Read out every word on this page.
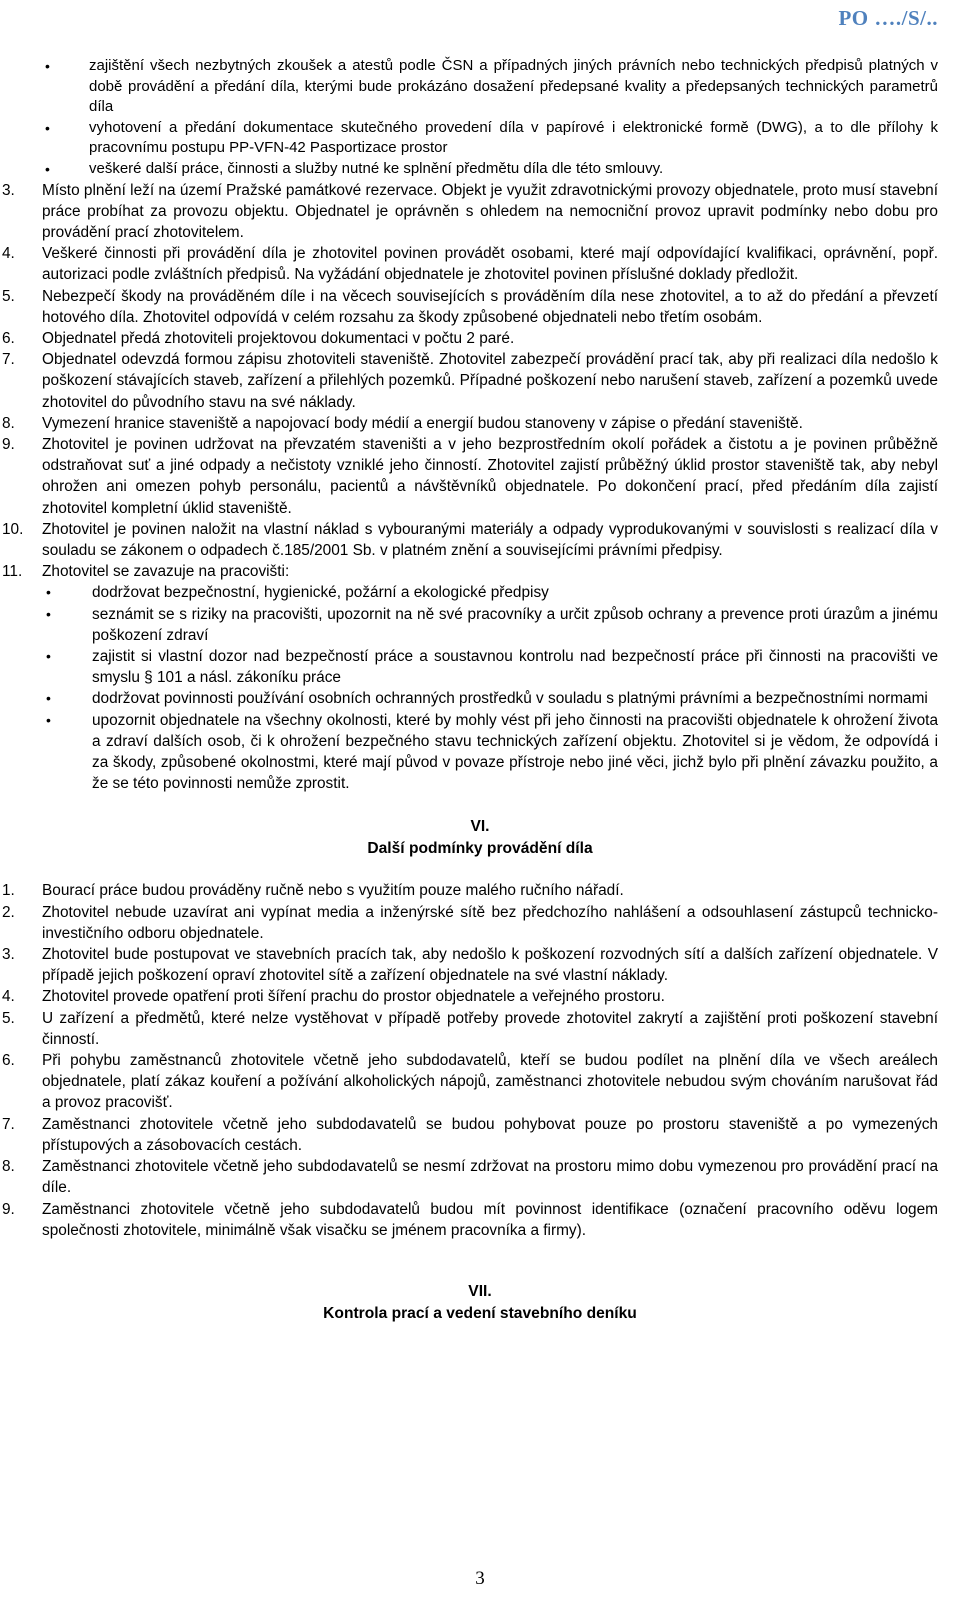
PO …./S/..
• zajištění všech nezbytných zkoušek a atestů podle ČSN a případných jiných právních nebo technických předpisů platných v době provádění a předání díla, kterými bude prokázáno dosažení předepsané kvality a předepsaných technických parametrů díla
• vyhotovení a předání dokumentace skutečného provedení díla v papírové i elektronické formě (DWG), a to dle přílohy k pracovnímu postupu PP-VFN-42 Pasportizace prostor
• veškeré další práce, činnosti a služby nutné ke splnění předmětu díla dle této smlouvy.
3. Místo plnění leží na území Pražské památkové rezervace. Objekt je využit zdravotnickými provozy objednatele, proto musí stavební práce probíhat za provozu objektu. Objednatel je oprávněn s ohledem na nemocniční provoz upravit podmínky nebo dobu pro provádění prací zhotovitelem.
4. Veškeré činnosti při provádění díla je zhotovitel povinen provádět osobami, které mají odpovídající kvalifikaci, oprávnění, popř. autorizaci podle zvláštních předpisů. Na vyžádání objednatele je zhotovitel povinen příslušné doklady předložit.
5. Nebezpečí škody na prováděném díle i na věcech souvisejících s prováděním díla nese zhotovitel, a to až do předání a převzetí hotového díla. Zhotovitel odpovídá v celém rozsahu za škody způsobené objednateli nebo třetím osobám.
6. Objednatel předá zhotoviteli projektovou dokumentaci v počtu 2 paré.
7. Objednatel odevzdá formou zápisu zhotoviteli staveniště. Zhotovitel zabezpečí provádění prací tak, aby při realizaci díla nedošlo k poškození stávajících staveb, zařízení a přilehlých pozemků. Případné poškození nebo narušení staveb, zařízení a pozemků uvede zhotovitel do původního stavu na své náklady.
8. Vymezení hranice staveniště a napojovací body médií a energií budou stanoveny v zápise o předání staveniště.
9. Zhotovitel je povinen udržovat na převzatém staveništi a v jeho bezprostředním okolí pořádek a čistotu a je povinen průběžně odstraňovat suť a jiné odpady a nečistoty vzniklé jeho činností. Zhotovitel zajistí průběžný úklid prostor staveniště tak, aby nebyl ohrožen ani omezen pohyb personálu, pacientů a návštěvníků objednatele. Po dokončení prací, před předáním díla zajistí zhotovitel kompletní úklid staveniště.
10. Zhotovitel je povinen naložit na vlastní náklad s vybouranými materiály a odpady vyprodukovanými v souvislosti s realizací díla v souladu se zákonem o odpadech č.185/2001 Sb. v platném znění a souvisejícími právními předpisy.
11. Zhotovitel se zavazuje na pracovišti:
• dodržovat bezpečnostní, hygienické, požární a ekologické předpisy
• seznámit se s riziky na pracovišti, upozornit na ně své pracovníky a určit způsob ochrany a prevence proti úrazům a jinému poškození zdraví
• zajistit si vlastní dozor nad bezpečností práce a soustavnou kontrolu nad bezpečností práce při činnosti na pracovišti ve smyslu § 101 a násl. zákoníku práce
• dodržovat povinnosti používání osobních ochranných prostředků v souladu s platnými právními a bezpečnostními normami
• upozornit objednatele na všechny okolnosti, které by mohly vést při jeho činnosti na pracovišti objednatele k ohrožení života a zdraví dalších osob, či k ohrožení bezpečného stavu technických zařízení objektu. Zhotovitel si je vědom, že odpovídá i za škody, způsobené okolnostmi, které mají původ v povaze přístroje nebo jiné věci, jichž bylo při plnění závazku použito, a že se této povinnosti nemůže zprostit.
VI.
Další podmínky provádění díla
1. Bourací práce budou prováděny ručně nebo s využitím pouze malého ručního nářadí.
2. Zhotovitel nebude uzavírat ani vypínat media a inženýrské sítě bez předchozího nahlášení a odsouhlasení zástupců technicko-investičního odboru objednatele.
3. Zhotovitel bude postupovat ve stavebních pracích tak, aby nedošlo k poškození rozvodných sítí a dalších zařízení objednatele. V případě jejich poškození opraví zhotovitel sítě a zařízení objednatele na své vlastní náklady.
4. Zhotovitel provede opatření proti šíření prachu do prostor objednatele a veřejného prostoru.
5. U zařízení a předmětů, které nelze vystěhovat v případě potřeby provede zhotovitel zakrytí a zajištění proti poškození stavební činností.
6. Při pohybu zaměstnanců zhotovitele včetně jeho subdodavatelů, kteří se budou podílet na plnění díla ve všech areálech objednatele, platí zákaz kouření a požívání alkoholických nápojů, zaměstnanci zhotovitele nebudou svým chováním narušovat řád a provoz pracovišť.
7. Zaměstnanci zhotovitele včetně jeho subdodavatelů se budou pohybovat pouze po prostoru staveniště a po vymezených přístupových a zásobovacích cestách.
8. Zaměstnanci zhotovitele včetně jeho subdodavatelů se nesmí zdržovat na prostoru mimo dobu vymezenou pro provádění prací na díle.
9. Zaměstnanci zhotovitele včetně jeho subdodavatelů budou mít povinnost identifikace (označení pracovního oděvu logem společnosti zhotovitele, minimálně však visačku se jménem pracovníka a firmy).
VII.
Kontrola prací a vedení stavebního deníku
3
